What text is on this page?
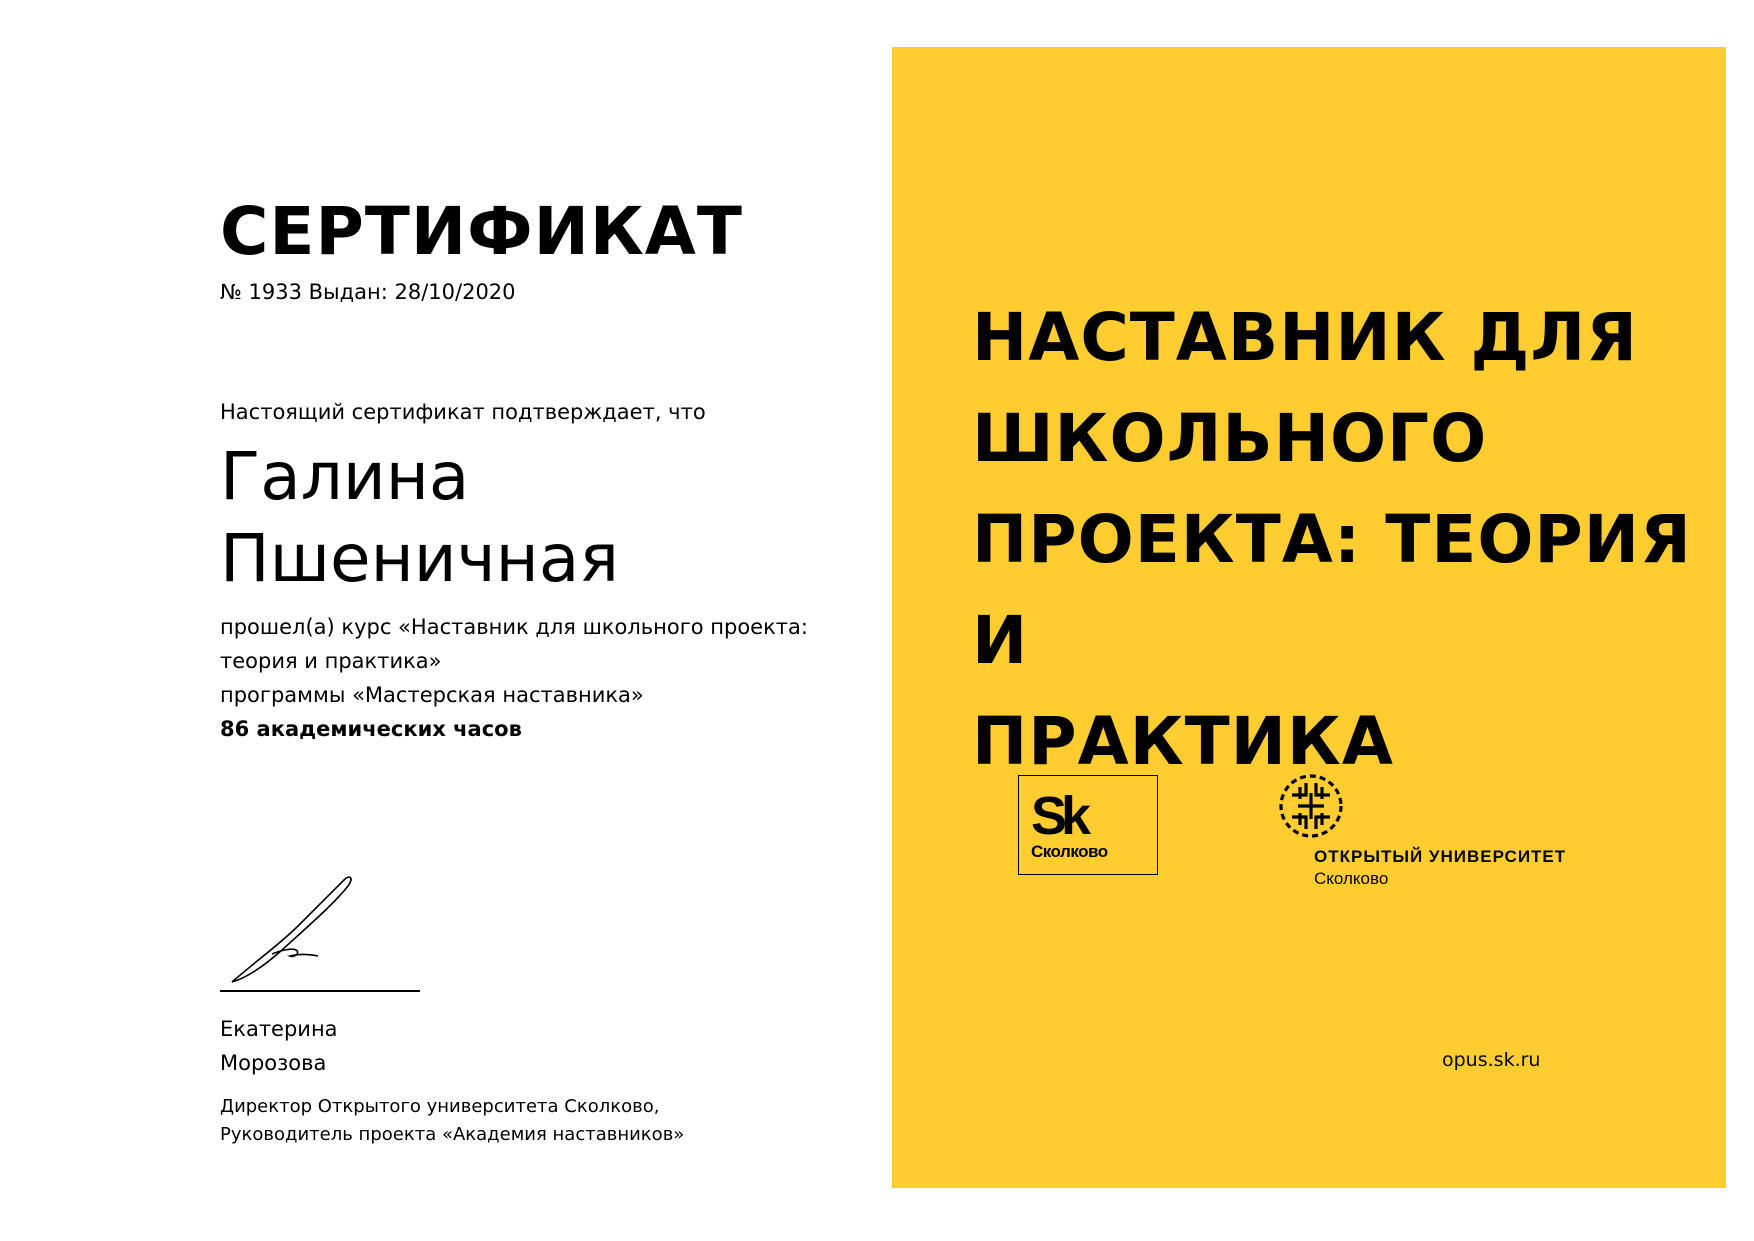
СЕРТИФИКАТ
№ 1933 Выдан: 28/10/2020
Настоящий сертификат подтверждает, что
Галина
Пшеничная
прошел(а) курс «Наставник для школьного проекта:
теория и практика»
программы «Мастерская наставника»
86 академических часов
Екатерина
Морозова
Директор Открытого университета Сколково,
Руководитель проекта «Академия наставников»
НАСТАВНИК ДЛЯ
ШКОЛЬНОГО
ПРОЕКТА: ТЕОРИЯ И
ПРАКТИКА
Sk
Сколково	ОТКРЫТЫЙ УНИВЕРСИТЕТ
Сколково
opus.sk.ru
